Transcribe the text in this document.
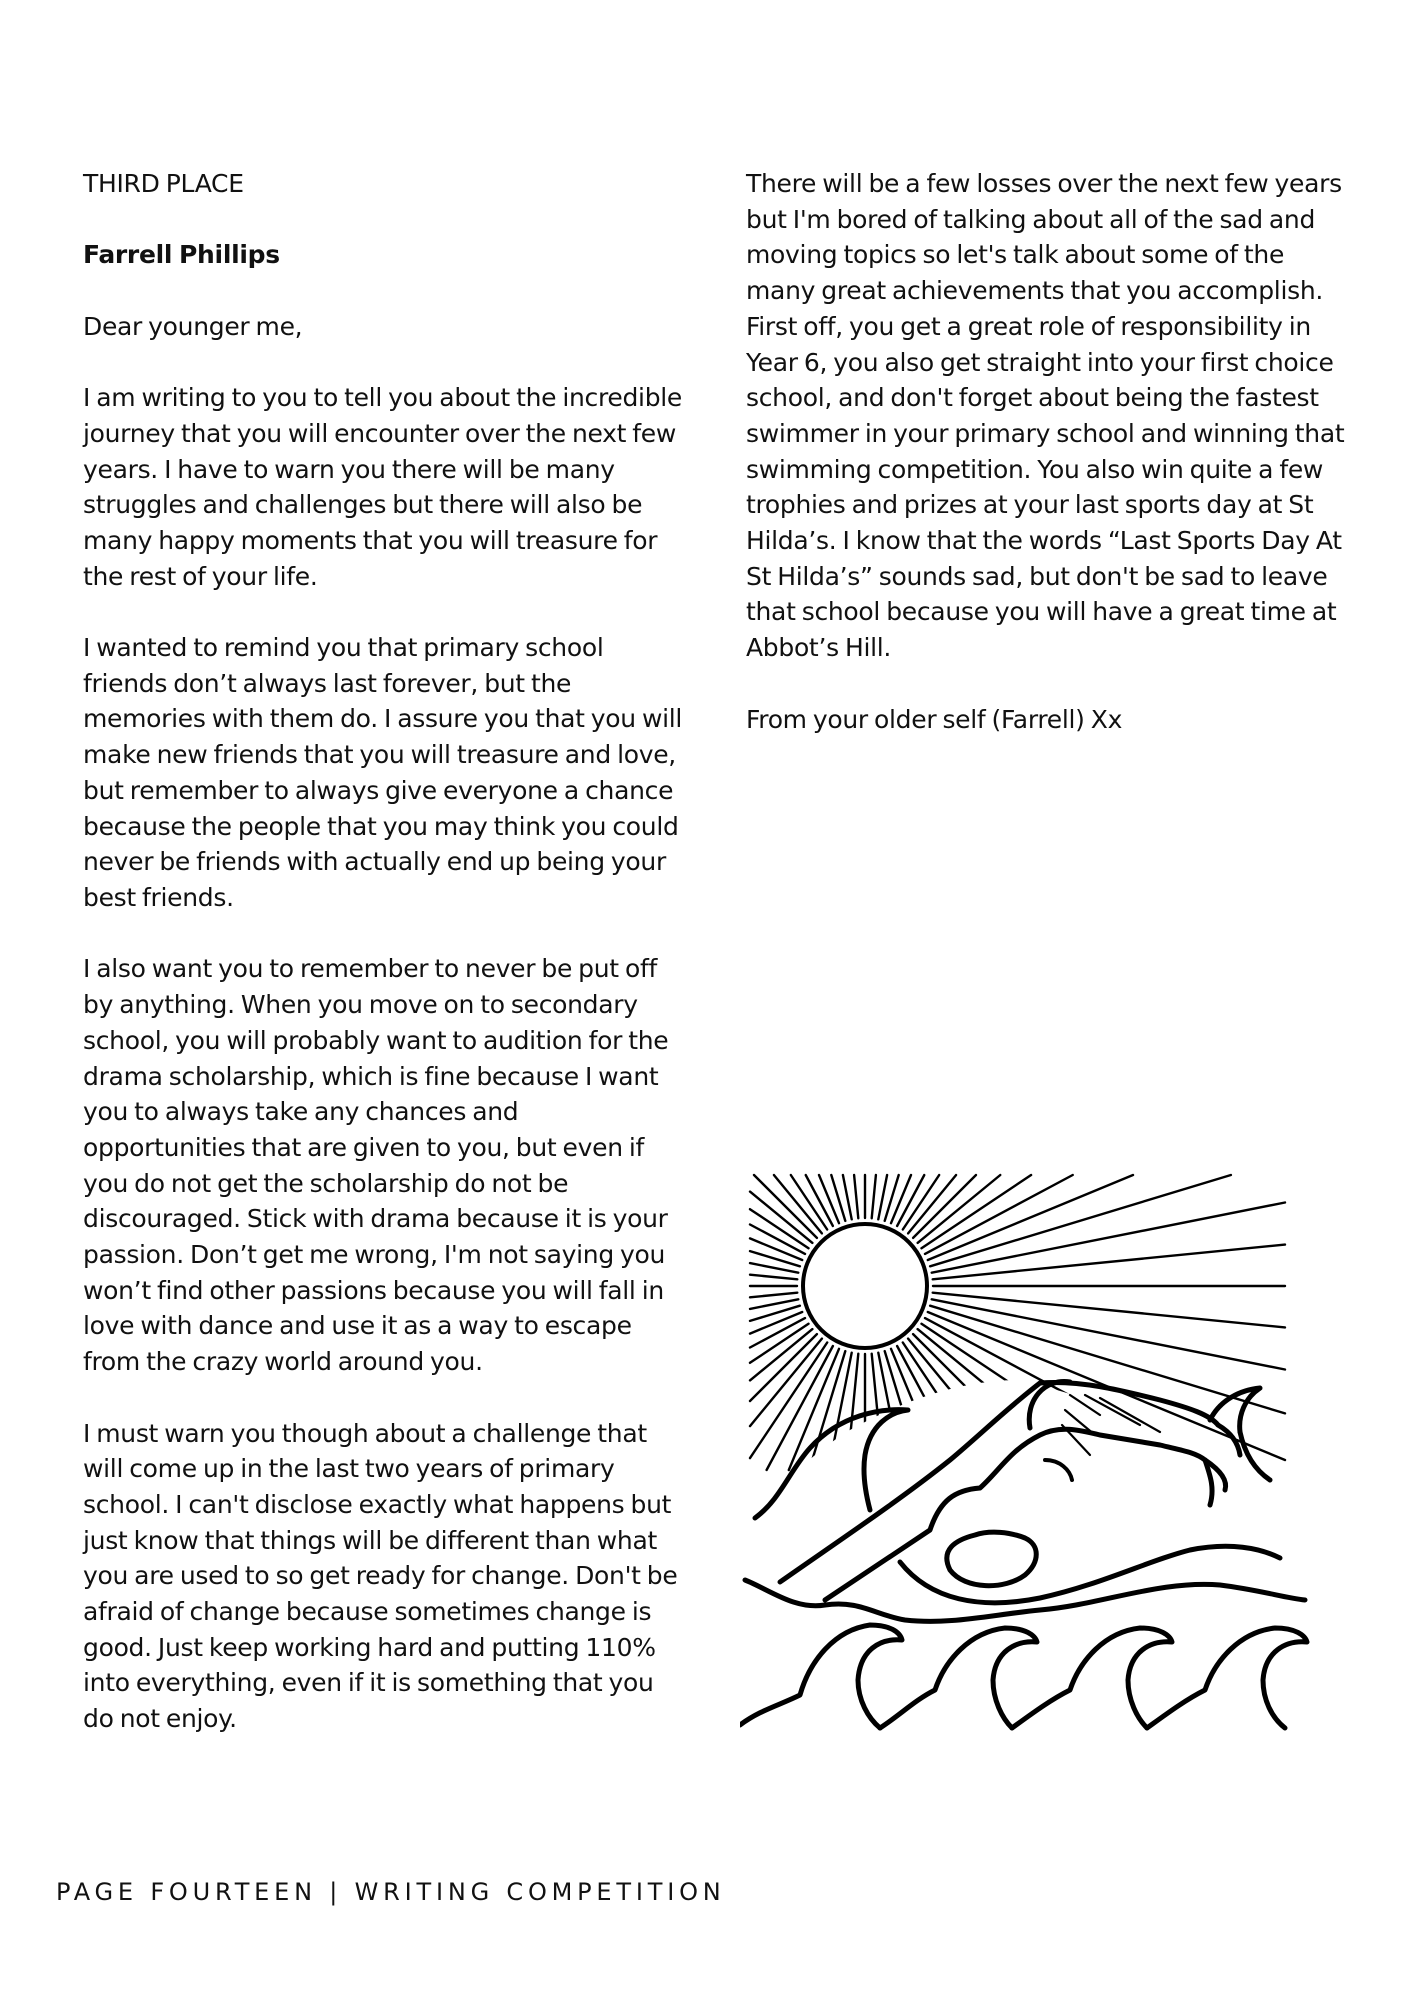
THIRD PLACE

Farrell Phillips

Dear younger me,

I am writing to you to tell you about the incredible journey that you will encounter over the next few years. I have to warn you there will be many struggles and challenges but there will also be many happy moments that you will treasure for the rest of your life.

I wanted to remind you that primary school friends don’t always last forever, but the memories with them do. I assure you that you will make new friends that you will treasure and love, but remember to always give everyone a chance because the people that you may think you could never be friends with actually end up being your best friends.

I also want you to remember to never be put off by anything. When you move on to secondary school, you will probably want to audition for the drama scholarship, which is fine because I want you to always take any chances and opportunities that are given to you, but even if you do not get the scholarship do not be discouraged. Stick with drama because it is your passion. Don’t get me wrong, I'm not saying you won’t find other passions because you will fall in love with dance and use it as a way to escape from the crazy world around you.

I must warn you though about a challenge that will come up in the last two years of primary school. I can't disclose exactly what happens but just know that things will be different than what you are used to so get ready for change. Don't be afraid of change because sometimes change is good. Just keep working hard and putting 110% into everything, even if it is something that you do not enjoy.

There will be a few losses over the next few years but I'm bored of talking about all of the sad and moving topics so let's talk about some of the many great achievements that you accomplish. First off, you get a great role of responsibility in Year 6, you also get straight into your first choice school, and don't forget about being the fastest swimmer in your primary school and winning that swimming competition. You also win quite a few trophies and prizes at your last sports day at St Hilda’s. I know that the words “Last Sports Day At St Hilda’s” sounds sad, but don't be sad to leave that school because you will have a great time at Abbot’s Hill.

From your older self (Farrell) Xx

PAGE FOURTEEN | WRITING COMPETITION
